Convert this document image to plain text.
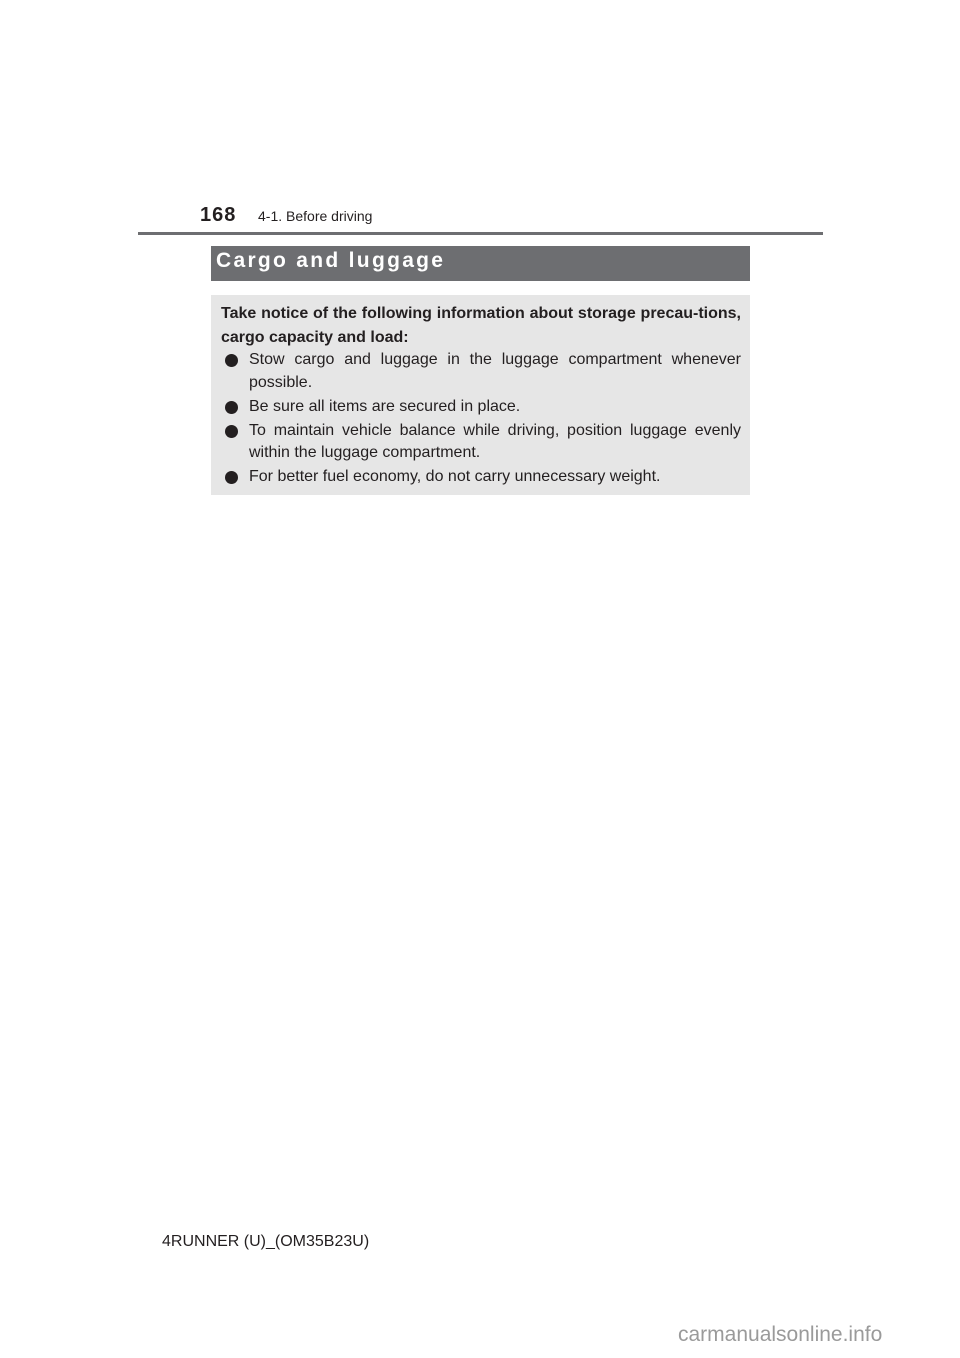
168 4-1. Before driving
Cargo and luggage

Take notice of the following information about storage precau-tions, cargo capacity and load:

Stow cargo and luggage in the luggage compartment whenever possible.
Be sure all items are secured in place.
To maintain vehicle balance while driving, position luggage evenly within the luggage compartment.
For better fuel economy, do not carry unnecessary weight.
4RUNNER (U)_(OM35B23U)
carmanualsonline.info
